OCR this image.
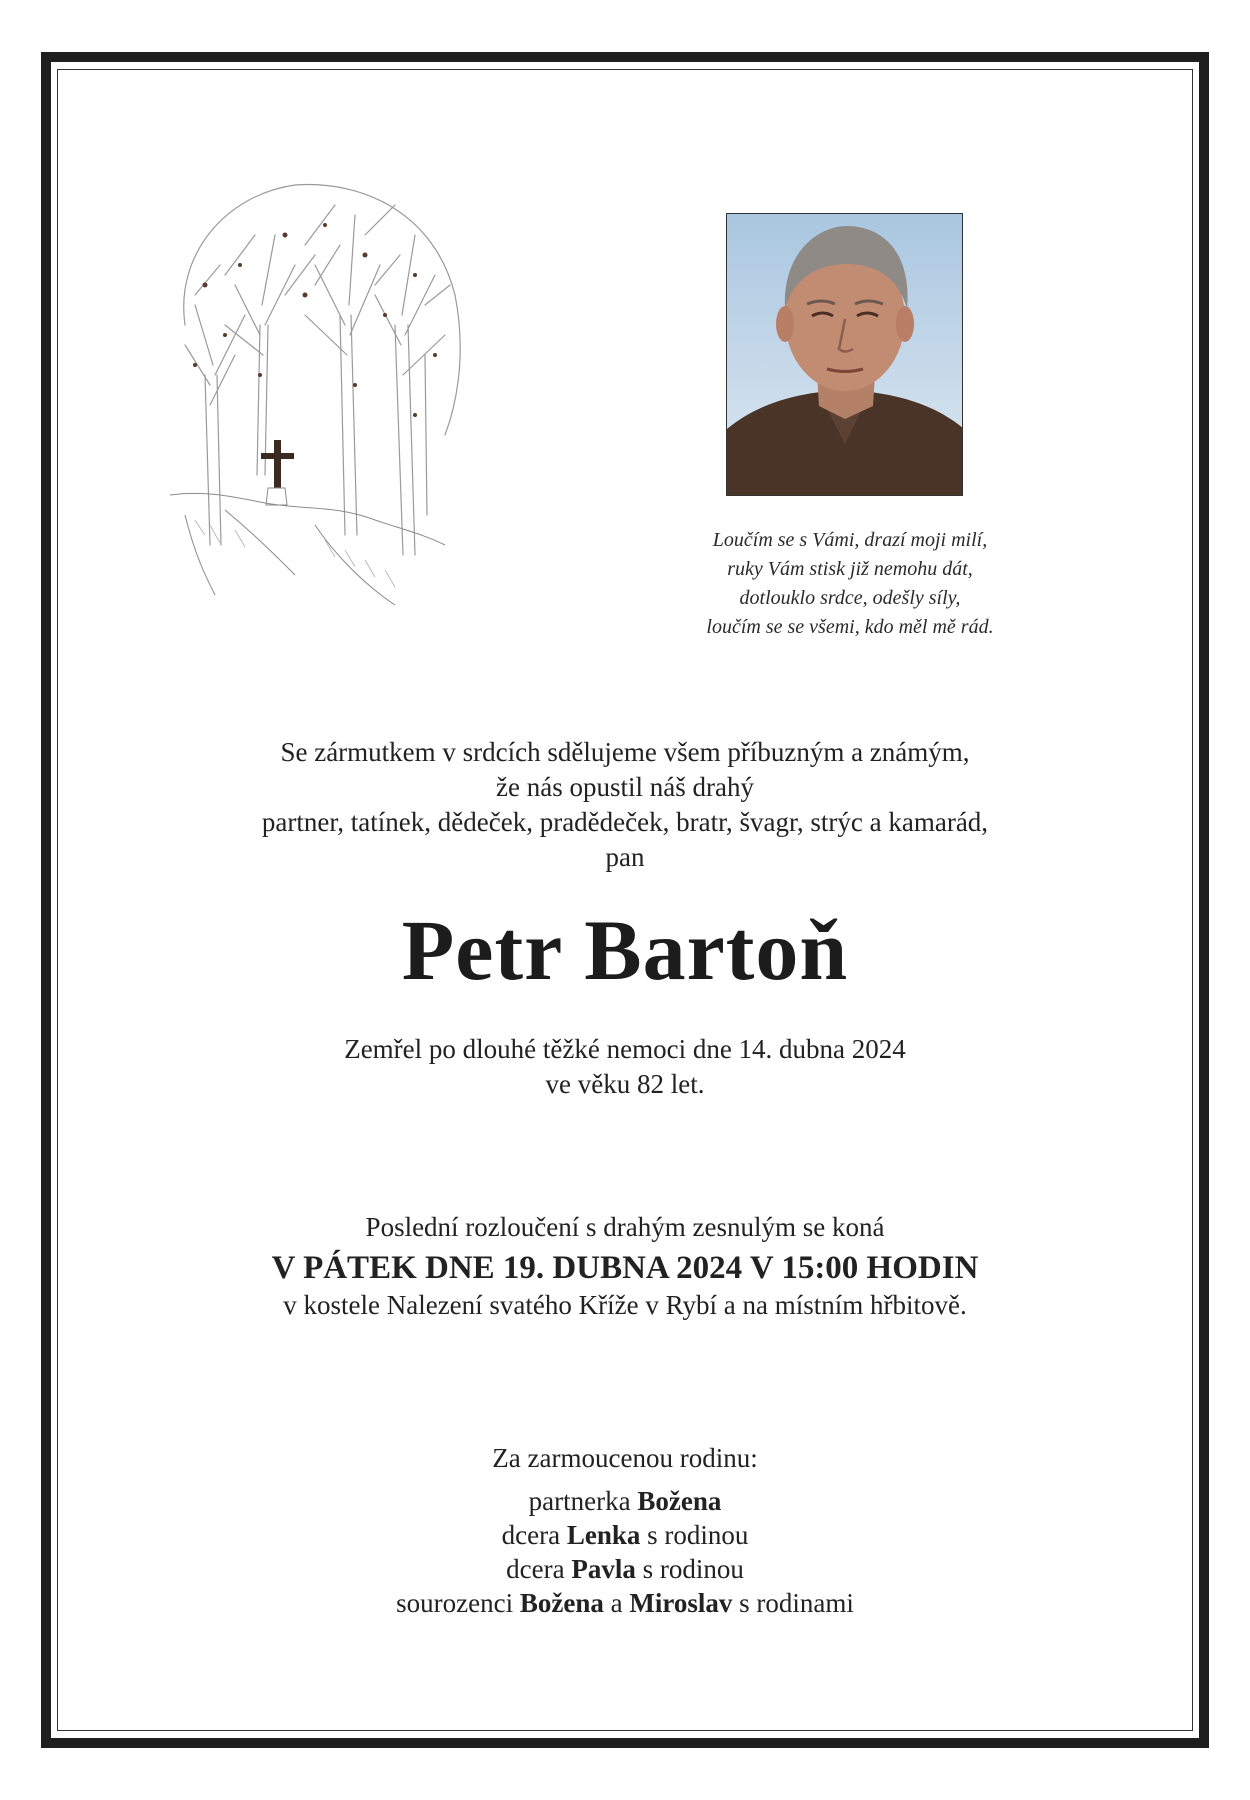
Loučím se s Vámi, drazí moji milí,
ruky Vám stisk již nemohu dát,
dotlouklo srdce, odešly síly,
loučím se se všemi, kdo měl mě rád.
Se zármutkem v srdcích sdělujeme všem příbuzným a známým,
že nás opustil náš drahý
partner, tatínek, dědeček, pradědeček, bratr, švagr, strýc a kamarád,
pan
Petr Bartoň
Zemřel po dlouhé těžké nemoci dne 14. dubna 2024
ve věku 82 let.
Poslední rozloučení s drahým zesnulým se koná
V PÁTEK DNE 19. DUBNA 2024 V 15:00 HODIN
v kostele Nalezení svatého Kříže v Rybí a na místním hřbitově.
Za zarmoucenou rodinu:
partnerka Božena
dcera Lenka s rodinou
dcera Pavla s rodinou
sourozenci Božena a Miroslav s rodinami
